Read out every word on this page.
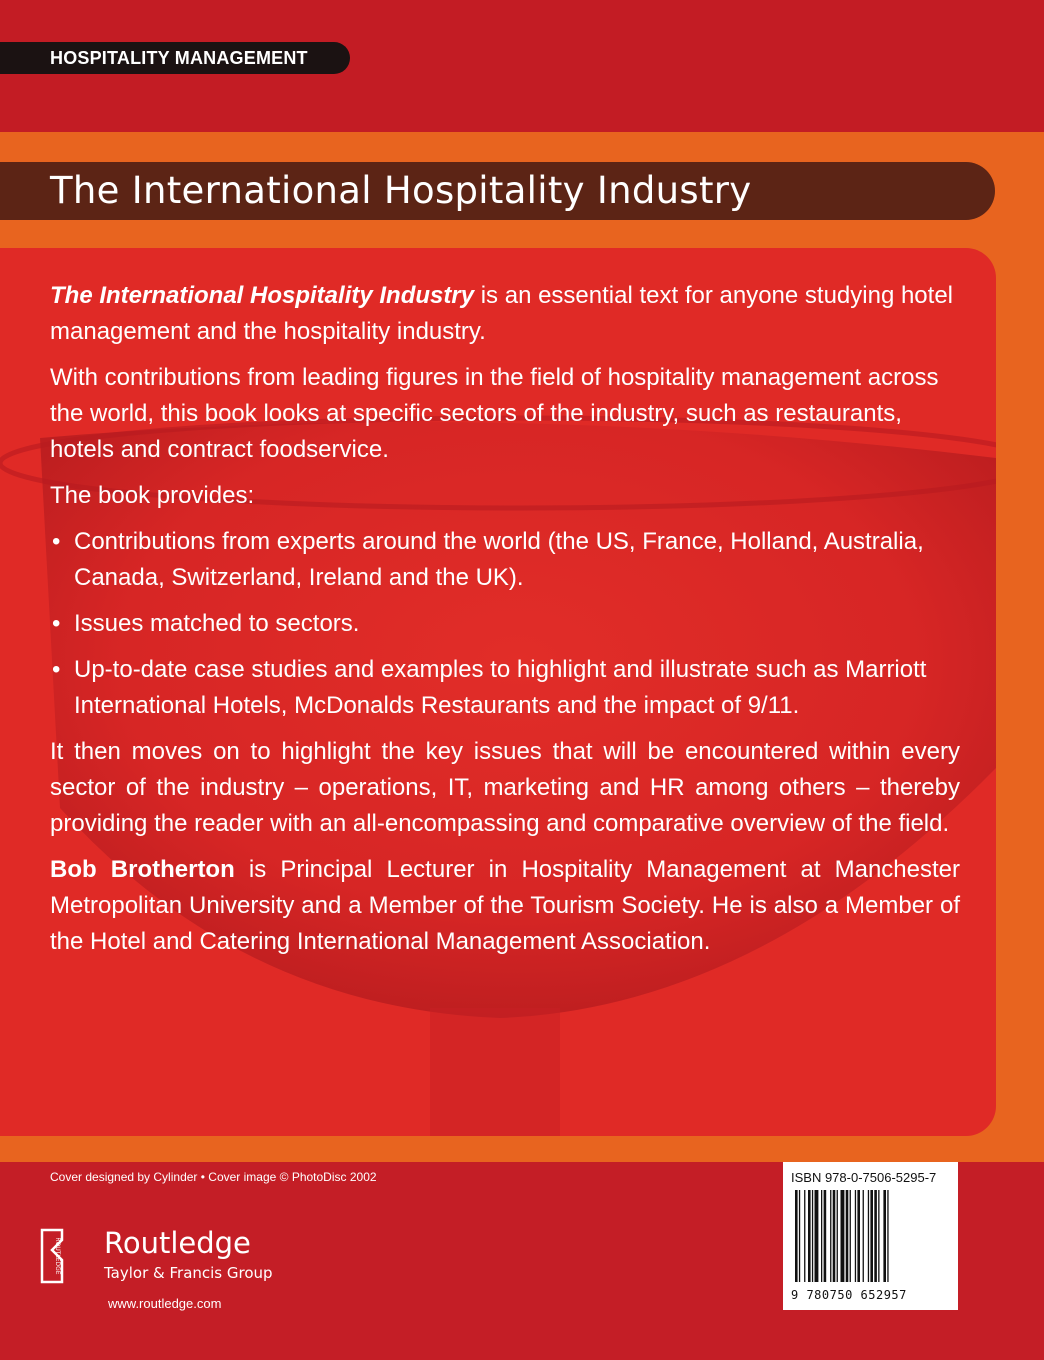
HOSPITALITY MANAGEMENT
The International Hospitality Industry

The International Hospitality Industry is an essential text for anyone studying hotel management and the hospitality industry.

With contributions from leading figures in the field of hospitality management across the world, this book looks at specific sectors of the industry, such as restaurants, hotels and contract foodservice.

The book provides:

• Contributions from experts around the world (the US, France, Holland, Australia, Canada, Switzerland, Ireland and the UK).
• Issues matched to sectors.
• Up-to-date case studies and examples to highlight and illustrate such as Marriott International Hotels, McDonalds Restaurants and the impact of 9/11.

It then moves on to highlight the key issues that will be encountered within every sector of the industry – operations, IT, marketing and HR among others – thereby providing the reader with an all-encompassing and comparative overview of the field.

Bob Brotherton is Principal Lecturer in Hospitality Management at Manchester Metropolitan University and a Member of the Tourism Society. He is also a Member of the Hotel and Catering International Management Association.

Cover designed by Cylinder • Cover image © PhotoDisc 2002
ROUTLEDGE Routledge
Taylor & Francis Group
www.routledge.com
ISBN 978-0-7506-5295-7
9 780750 652957
